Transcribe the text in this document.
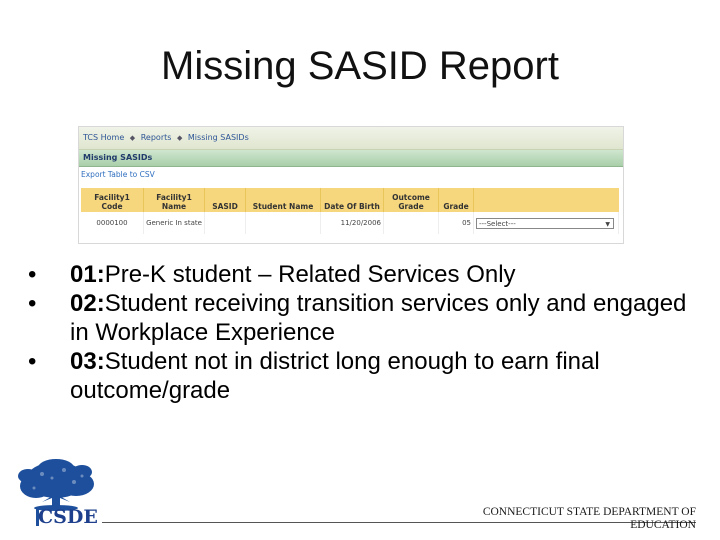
Missing SASID Report
TCS Home ◆ Reports ◆ Missing SASIDs
Missing SASIDs
Export Table to CSV
Facility1 Code	Facility1 Name	SASID	Student Name	Date Of Birth	Outcome Grade	Grade	
0000100	Generic In state			11/20/2006		05	---Select--- ▼
• 01:Pre-K student – Related Services Only
• 02:Student receiving transition services only and engaged in Workplace Experience
• 03:Student not in district long enough to earn final outcome/grade
CSDE	CONNECTICUT STATE DEPARTMENT OF EDUCATION
